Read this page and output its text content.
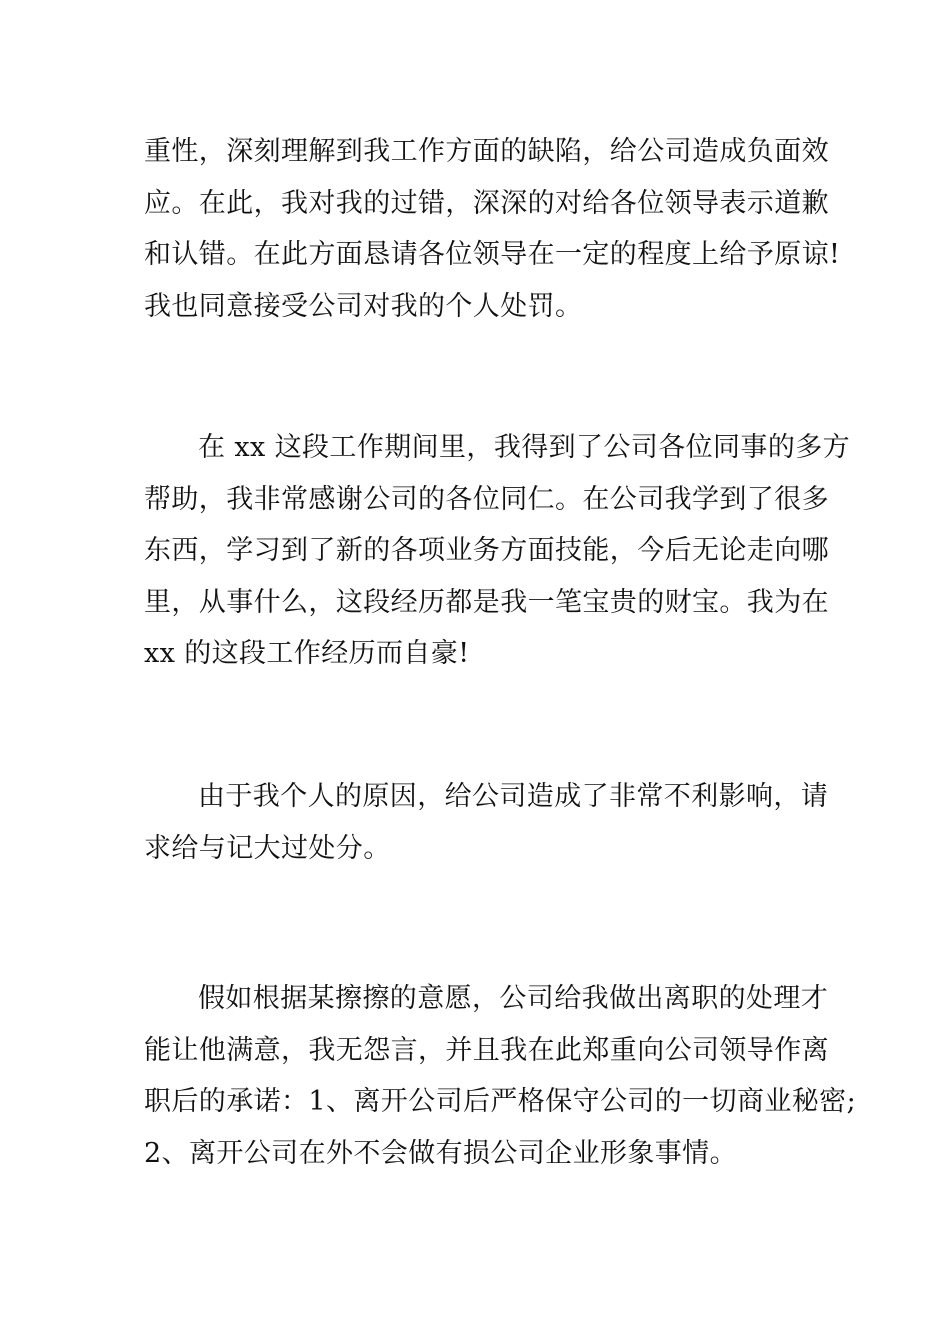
重性，深刻理解到我工作方面的缺陷，给公司造成负面效
应。在此，我对我的过错，深深的对给各位领导表示道歉
和认错。在此方面恳请各位领导在一定的程度上给予原谅!
我也同意接受公司对我的个人处罚。
在 xx 这段工作期间里，我得到了公司各位同事的多方
帮助，我非常感谢公司的各位同仁。在公司我学到了很多
东西，学习到了新的各项业务方面技能，今后无论走向哪
里，从事什么，这段经历都是我一笔宝贵的财宝。我为在
xx 的这段工作经历而自豪!
由于我个人的原因，给公司造成了非常不利影响，请
求给与记大过处分。
假如根据某擦擦的意愿，公司给我做出离职的处理才
能让他满意，我无怨言，并且我在此郑重向公司领导作离
职后的承诺：1、离开公司后严格保守公司的一切商业秘密;
2、离开公司在外不会做有损公司企业形象事情。
